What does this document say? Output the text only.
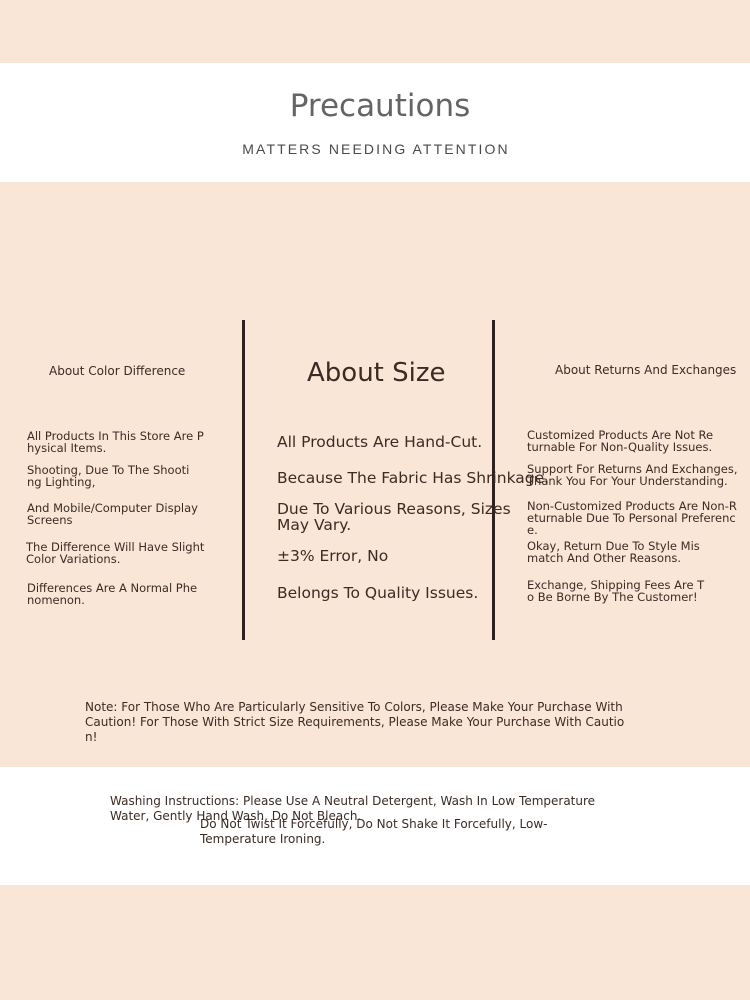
Precautions
MATTERS NEEDING ATTENTION
About Color Difference
All Products In This Store Are Physical Items.
Shooting, Due To The Shooting Lighting,
And Mobile/Computer Display Screens
The Difference Will Have Slight Color Variations.
Differences Are A Normal Phenomenon.
About Size
All Products Are Hand-Cut.
Because The Fabric Has Shrinkage.
Due To Various Reasons, Sizes May Vary.
±3% Error, No
Belongs To Quality Issues.
About Returns And Exchanges
Customized Products Are Not Returnable For Non-Quality Issues.
Support For Returns And Exchanges, Thank You For Your Understanding.
Non-Customized Products Are Non-Returnable Due To Personal Preference.
Okay, Return Due To Style Mismatch And Other Reasons.
Exchange, Shipping Fees Are To Be Borne By The Customer!
Note: For Those Who Are Particularly Sensitive To Colors, Please Make Your Purchase With Caution! For Those With Strict Size Requirements, Please Make Your Purchase With Caution!
Washing Instructions: Please Use A Neutral Detergent, Wash In Low Temperature Water, Gently Hand Wash, Do Not Bleach.
Do Not Twist It Forcefully, Do Not Shake It Forcefully, Low-Temperature Ironing.
